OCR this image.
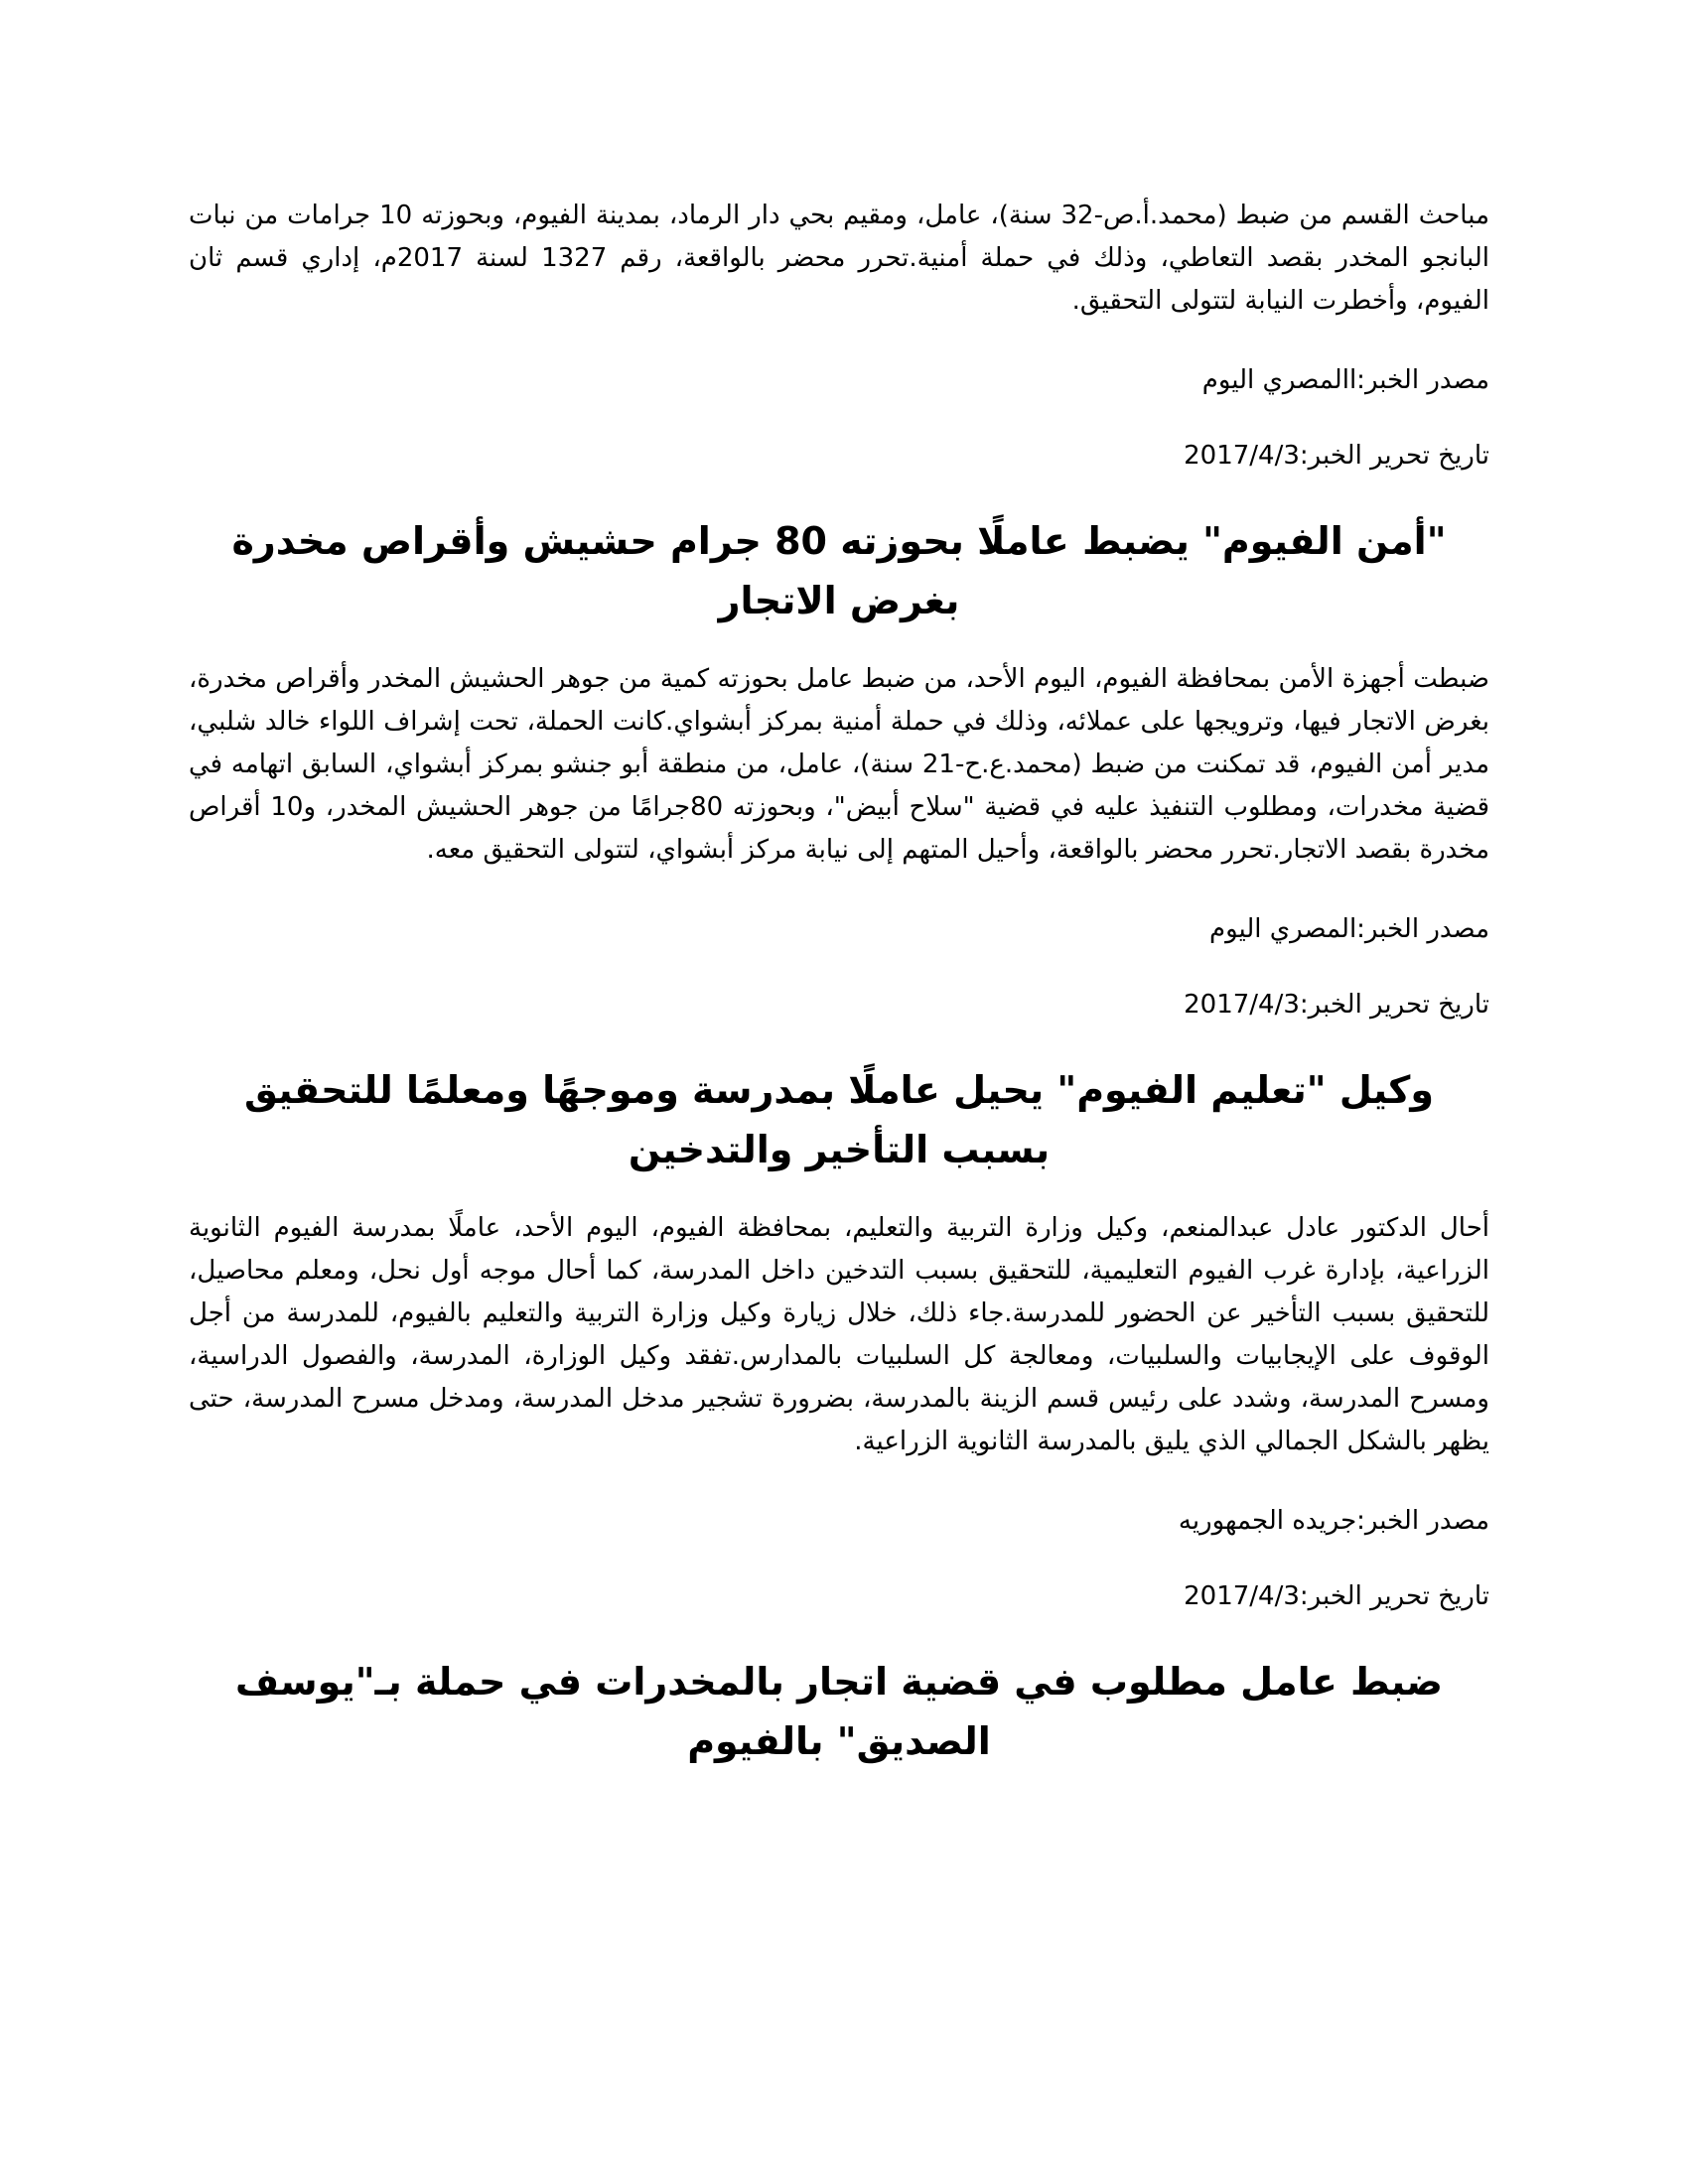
مباحث القسم من ضبط (محمد.أ.ص-32 سنة)، عامل، ومقيم بحي دار الرماد، بمدينة الفيوم، وبحوزته 10 جرامات من نبات البانجو المخدر بقصد التعاطي، وذلك في حملة أمنية.تحرر محضر بالواقعة، رقم 1327 لسنة 2017م، إداري قسم ثان الفيوم، وأخطرت النيابة لتتولى التحقيق.

مصدر الخبر:االمصري اليوم

تاريخ تحرير الخبر:2017/4/3

"أمن الفيوم" يضبط عاملًا بحوزته 80 جرام حشيش وأقراص مخدرة بغرض الاتجار

ضبطت أجهزة الأمن بمحافظة الفيوم، اليوم الأحد، من ضبط عامل بحوزته كمية من جوهر الحشيش المخدر وأقراص مخدرة، بغرض الاتجار فيها، وترويجها على عملائه، وذلك في حملة أمنية بمركز أبشواي.كانت الحملة، تحت إشراف اللواء خالد شلبي، مدير أمن الفيوم، قد تمكنت من ضبط (محمد.ع.ح-21 سنة)، عامل، من منطقة أبو جنشو بمركز أبشواي، السابق اتهامه في قضية مخدرات، ومطلوب التنفيذ عليه في قضية "سلاح أبيض"، وبحوزته 80جرامًا من جوهر الحشيش المخدر، و10 أقراص مخدرة بقصد الاتجار.تحرر محضر بالواقعة، وأحيل المتهم إلى نيابة مركز أبشواي، لتتولى التحقيق معه.

مصدر الخبر:المصري اليوم

تاريخ تحرير الخبر:2017/4/3

وكيل "تعليم الفيوم" يحيل عاملًا بمدرسة وموجهًا ومعلمًا للتحقيق بسبب التأخير والتدخين

أحال الدكتور عادل عبدالمنعم، وكيل وزارة التربية والتعليم، بمحافظة الفيوم، اليوم الأحد، عاملًا بمدرسة الفيوم الثانوية الزراعية، بإدارة غرب الفيوم التعليمية، للتحقيق بسبب التدخين داخل المدرسة، كما أحال موجه أول نحل، ومعلم محاصيل، للتحقيق بسبب التأخير عن الحضور للمدرسة.جاء ذلك، خلال زيارة وكيل وزارة التربية والتعليم بالفيوم، للمدرسة من أجل الوقوف على الإيجابيات والسلبيات، ومعالجة كل السلبيات بالمدارس.تفقد وكيل الوزارة، المدرسة، والفصول الدراسية، ومسرح المدرسة، وشدد على رئيس قسم الزينة بالمدرسة، بضرورة تشجير مدخل المدرسة، ومدخل مسرح المدرسة، حتى يظهر بالشكل الجمالي الذي يليق بالمدرسة الثانوية الزراعية.

مصدر الخبر:جريده الجمهوريه

تاريخ تحرير الخبر:2017/4/3

ضبط عامل مطلوب في قضية اتجار بالمخدرات في حملة بـ"يوسف الصديق" بالفيوم
